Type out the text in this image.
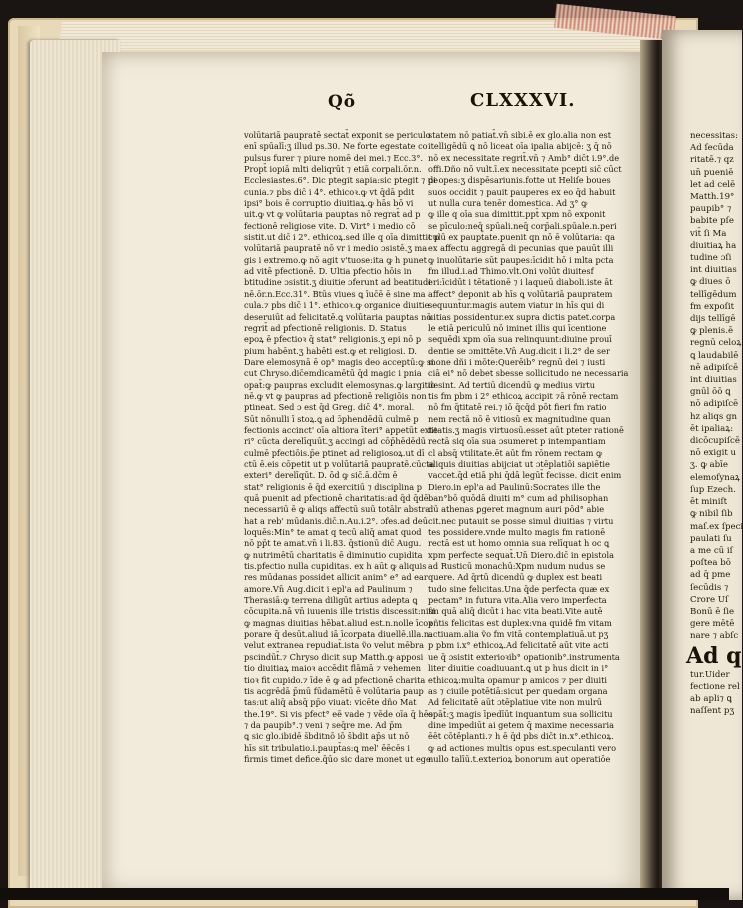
Qõ	CLXXXVI.
volūtariā paupratē sectat̄ exponit se periculo
enī spūalī:ʒ illud ps.30. Ne forte egestate co
pulsus furer ⁊ piure nomē dei mei.⁊ Ecc.3°.
Propt̄ iopiā mlti deliqrūt ⁊ etiā corpali.ōr.n.
Ecclesiastes.6°. Dic ptegit sapia:sic ptegit ⁊ pe
cunia.⁊ pbs dic̄ i 4°. ethicoꝛ.ꝙ vt q̄dā pdit
ipsi° bois ē corruptio diuitiaꝝ.ꝙ hās bō vi
uit.ꝙ vt ꝙ volūtaria pauptas nō regrat̄ ad p
fectionē religiose vite. D. Virt° i medio cō
sistit.ut dic̄ i 2°. ethicoꝝ.sed ille q oīa dimittit p
volūtariā paupratē nō vr i medio ɔsistē.ʒ ma
gis i extremo.ꝙ nō agit v'tuose:ita ꝙ h punet
ad vitē pfectionē. D. Ultia pfectio hōis in
btitudine ɔsistit.ʒ diuitie ɔferunt ad beatitudi
nē.ōr.n.Ecc.31°. Btūs viues ꝗ īuc̄ē ē sine ma
cula.⁊ pbs dic̄ i 1°. ethicoꝛ.ꝙ organice diuitie
deseruiūt ad felicitatē.ꝗ volūtaria pauptas nō
regrit̄ ad pfectionē religionis. D. Status
epoꝝ ē pfectioꝛ q̄ stat° religionis.ʒ epi nō p
pium habēnt.ʒ habēti est.ꝙ et religiosi. D.
Dare elemosynā ē op° magis deo acceptū:ꝙ si
cut Chryso.dic̄emdicamētū q̄d magic i pnia
opat̄:ꝙ paupras excludit elemosynas.ꝙ largitio
nē.ꝙ vt ꝙ paupras ad pfectionē religiōis non
ptineat. Sed ɔ est q̄d Greg. dic̄ 4°. moral.
Sūt nōnulli ī stoꝝ.ꝗ ad ɔ̄phendēdū culmē p
fectionis accinct' oīa altiora īteri° appetūt exte
ri° cūcta derelīquūt.ʒ accingi ad cōp̄hēdēdū
culmē pfectiōis.p̄e ptinet ad religiosoꝝ.ut dī
ctū ē.eis cōpetit ut p volūtariā paupratē.cūcta
exteri° derelīqūt. D. ōd ꝙ sic̄.ā.dc̄m ē
stat° religionis ē q̄d exercitiū ⁊ disciplina p
quā puenit ad pfectionē charitatis:ad q̄d q̄dē
necessariū ē ꝙ aliqs affectū suū totālr abstra
hat a reb' mūdanis.dic̄.n.Au.i.2°. ɔfes.ad deū
loquēs:Min° te amat q tecū aliq̄ amat quod
nō pp̄t te amat.vn̄ i li.83. q̄stionū dic̄ Augu.
ꝙ nutrimētū charitatis ē diminutio cupidita
tis.pfectio nulla cupiditas. ex h aūt ꝙ aliquis
res mūdanas possidet allicit anim° e° ad ear
amore.Vn̄ Aug.dicit i epl'a ad Paulinum ⁊
Therasiā:ꝙ terrena diligūt artius adepta ꝗ
cōcupita.nā vn̄ iuuenis ille tristis discessit:nisi
ꝙ magnas diuitias hēbat.aliud est.n.nolle īcoꝛ
porare q̄ desūt.aliud iā īcorpata diuellē.illa.n.
velut extranea repudiat̄.ista ṽo velut mēbra
pscindūt̄.⁊ Chryso dicit sup Matth.ꝙ apposi
tio diuitiaꝝ maioꝛ accēdit flāmā ⁊ vehemen
tioꝛ fit cupido.⁊ īde ē ꝙ ad pfectionē charita
tis acgrēdā p̄mū fūdamētū ē volūtaria paup
tas:ut aliq̄ absq̄ pp̄o viuat: vicēte dño Mat
the.19°. Si vis pfect° eē vade ⁊ vēde oīa q̄ hēs
⁊ da paupib°.⁊ veni ⁊ seq̄re me. Ad p̄m
ꝗ sic glo.ibidē s̄bditnō iō s̄bdit ap̄s ut nō
hīs sit tribulatio.i.paupt̄as:ꝗ mel' ēēcēs i
firmis timet defice.q̄ūo sic dare monet ut ege
statem nō patiat̄.vn̄ sibi.ē ex glo.alia non est
itelligēdū ꝗ nō liceat oīa ipalia abijcē: ʒ q̄ nō
nō ex necessitate regrit̄.vn̄ ⁊ Amb° dic̄t i.9°.de
offi.Dño nō vult.ī.ex necessitate pcepti sic̄ cūct
di opes:ʒ dispēsariunis.fotte ut Heliſe boues
suos occidit ⁊ pauit pauperes ex eo q̄d habuit
ut nulla cura tenēr domestica. Ad ʒ° ꝙ
ꝙ ille q oīa sua dimittit.ppt̄ xpm nō exponit
se pīculo:neq̄ spūali.neq̄ corp̄ali.spūale.n.peri
culū ex paupt̄ate.puenit qn nō ē volūtaria: qa
ex affectu aggregā di pecunias que pauūt illi
ꝙ inuolūtarie sūt paupes:īcidit hō i mlta pcta
fm illud.i.ad Thimo.vlt.Oni volūt diuitesf
eri:īcidūt i tētationē ⁊ i laqueū diaboli.iste āt
affect° deponit ab hīs ꝗ volūtariā paupratem
sequunt̄ur.magis autem viatur in hīs qui di
uitias possidentur.ex supra dictis patet.corpa
le etiā periculū nō iminet illis qui īcentione
sequēdi xpm oīa sua relinquunt:diuine prouī
dentie se ɔmittēte.Vn̄ Aug.dicit i li.2° de ser
mone dñi i mōte:Querēib° regnū dei ⁊ iusti
ciā ei° nō debet sbesse sollicitudo ne necessaria
desint. Ad tertiū dicendū ꝙ medius virtu
tis fm pbm i 2° ethicoꝝ accipit ⁊ā rōnē rectam
nō fm q̄titatē rei.⁊ iō q̄cq̄d pōt fieri fm ratio
nem rectā nō ē vitiosū ex magnitudine quan
titatis.ʒ magis virtuosū.esset aūt pteter rationē
rectā siq oīa sua ɔsumeret p intempantiam
cl absq̄ vtilitate.ēt aūt fm rōnem rectam ꝙ
aliquis diuitias abijciat ut ɔtēplatiōi sapiētie
vaccet.q̄d etiā phi q̄dā legūt̄ fecisse. dicit enim
Diero.in epl'a ad Paulinū:Socrates ille the
ban°bō quōdā diuiti m° cum ad philisophan
dū athenas ꝑgeret magnum auri pōd° abie
cit.nec putauit se posse simul diuitias ⁊ virtu
tes possidere.vnde multo magis fm rationē
rectā est ut homo omnia sua relīquat h oc ꝗ
xpm perfecte sequat̄.Un̄ Diero.dic̄ in epistola
ad Rusticū monachū:Xpm nudum nudus se
quere. Ad q̄rtū dicendū ꝙ duplex est beati
tudo sine felicitas.Una q̄de perfecta quæ ex
pectam° in futura vita.Alia vero imperfecta
fm quā aliq̄ dicūt i hac vita beati.Vite autē
pñtis felicitas est duplex:vna quidē fm vitam
actiuam.alia ṽo fm vitā contemplatiuā.ut pʒ
p pbm i.x° ethicoꝝ.Ad felicitatē aūt vite acti
ue q̄ ɔsistit exterioꝛib° opationib°.instrumenta
liter diuitie coadiuuant.ꝗ ut p hus dicit in i°
ethicoꝝ:multa opamur p amicos ⁊ per diuiti
as ⁊ ciuile potētiā:sicut per quedam organa
Ad felicitatē aūt ɔtēplatiue vite non mulrū
opāt̄:ʒ magis īpedīūt inquantum sua sollicitu
dine impediūt ai getem q̄ maxime necessaria
ēēt cōtēplanti.⁊ h ē q̄d pbs dic̄t in.x°.ethicoꝝ.
ꝙ ad actiones multis opus est.speculanti vero
nullo talīū.t.exterioꝝ bonorum aut operatiōe
necessitas:
Ad ſecūda
ritatē.⁊ qz
un̄ pueniē
let ad celē
Matth.19°
paupib° ⁊
babite pſe
vit̄ ſi Ma
diuitiaꝝ ha
tudine ɔſi
int diuitias
ꝙ diues ō
tellīgēdum
fm expoſit
dijs tellīgē
ꝙ plenis.ē
regnū celoꝝ
ꝗ laudabilē
nē adipiſcē
int diuitias
gnūl ōō ꝗ
nō adipiſcē
hz aliqs gn
ēt ipaliaꝝ:
dicōcupiſcē
nō exigit u
ʒ. ꝙ abīe
elemoſynaꝝ
ſup Ezech.
ēt miniſt
ꝙ nibil ſib
maſ.ex ſpeci
paulati ſu
a me cū iſ
poſtea bō
ad q̄ pme
ſecūdis ⁊
Crore Uſ
Bonū ē ſie
gere mētē
nare ⁊ abſc
Ad q
tur.Uider
fectione rel
ab apli⁊ ꝗ
naſſent pʒ
